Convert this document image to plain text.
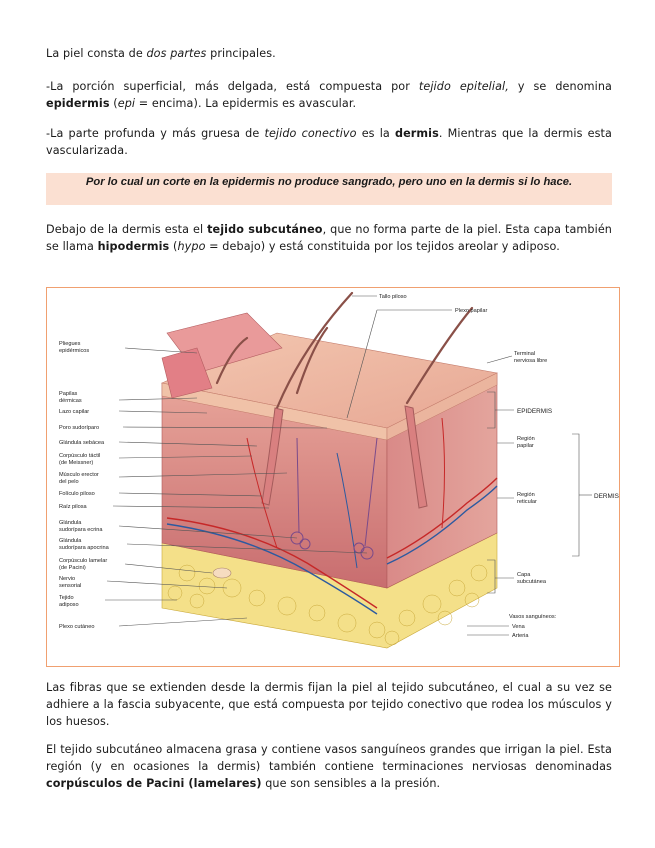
La piel consta de dos partes principales.

-La porción superficial, más delgada, está compuesta por tejido epitelial, y se denomina epidermis (epi = encima). La epidermis es avascular.

-La parte profunda y más gruesa de tejido conectivo es la dermis. Mientras que la dermis esta vascularizada.

Por lo cual un corte en la epidermis no produce sangrado, pero uno en la dermis si lo hace.

Debajo de la dermis esta el tejido subcutáneo, que no forma parte de la piel. Esta capa también se llama hipodermis (hypo = debajo) y está constituida por los tejidos areolar y adiposo.

Pliegues
epidérmicos
Papilas
dérmicas
Lazo capilar
Poro sudoríparo
Glándula sebácea
Corpúsculo táctil
(de Meissner)
Músculo erector
del pelo
Folículo piloso
Raíz pilosa
Glándula
sudorípara ecrina
Glándula
sudorípara apocrina
Corpúsculo lamelar
(de Pacini)
Nervio
sensorial
Tejido
adiposo
Plexo cutáneo
Tallo piloso
Plexo papilar
Terminal
nerviosa libre
EPIDERMIS
Región
papilar
Región
reticular
DERMIS
Capa
subcutánea
Vasos sanguíneos:
Vena
Arteria

Las fibras que se extienden desde la dermis fijan la piel al tejido subcutáneo, el cual a su vez se adhiere a la fascia subyacente, que está compuesta por tejido conectivo que rodea los músculos y los huesos.

El tejido subcutáneo almacena grasa y contiene vasos sanguíneos grandes que irrigan la piel. Esta región (y en ocasiones la dermis) también contiene terminaciones nerviosas denominadas corpúsculos de Pacini (lamelares) que son sensibles a la presión.
